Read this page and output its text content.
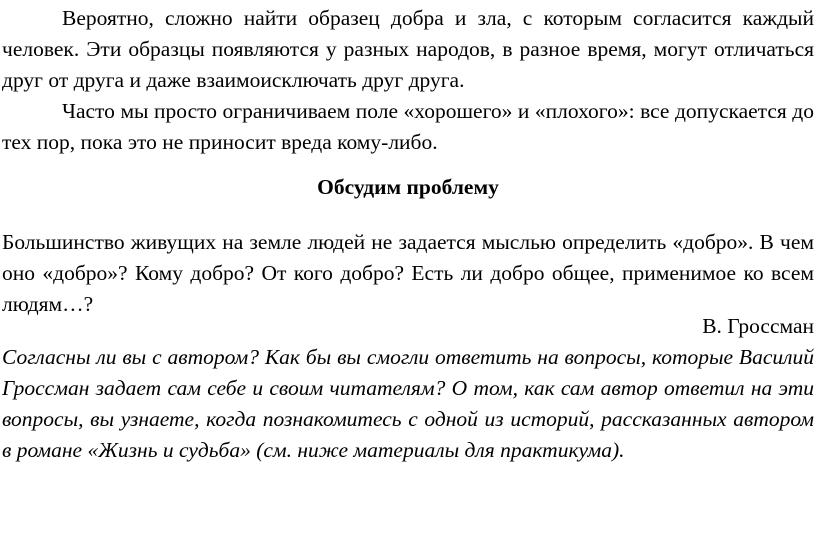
Вероятно, сложно найти образец добра и зла, с которым согласится каждый человек. Эти образцы появляются у разных народов, в разное время, могут отличаться друг от друга и даже взаимоисключать друг друга.

Часто мы просто ограничиваем поле «хорошего» и «плохого»: все допускается до тех пор, пока это не приносит вреда кому-либо.

Обсудим проблему

Большинство живущих на земле людей не задается мыслью определить «добро». В чем оно «добро»? Кому добро? От кого добро? Есть ли добро общее, применимое ко всем людям…?

В. Гроссман

Согласны ли вы с автором? Как бы вы смогли ответить на вопросы, которые Василий Гроссман задает сам себе и своим читателям? О том, как сам автор ответил на эти вопросы, вы узнаете, когда познакомитесь с одной из историй, рассказанных автором в романе «Жизнь и судьба» (см. ниже материалы для практикума).
